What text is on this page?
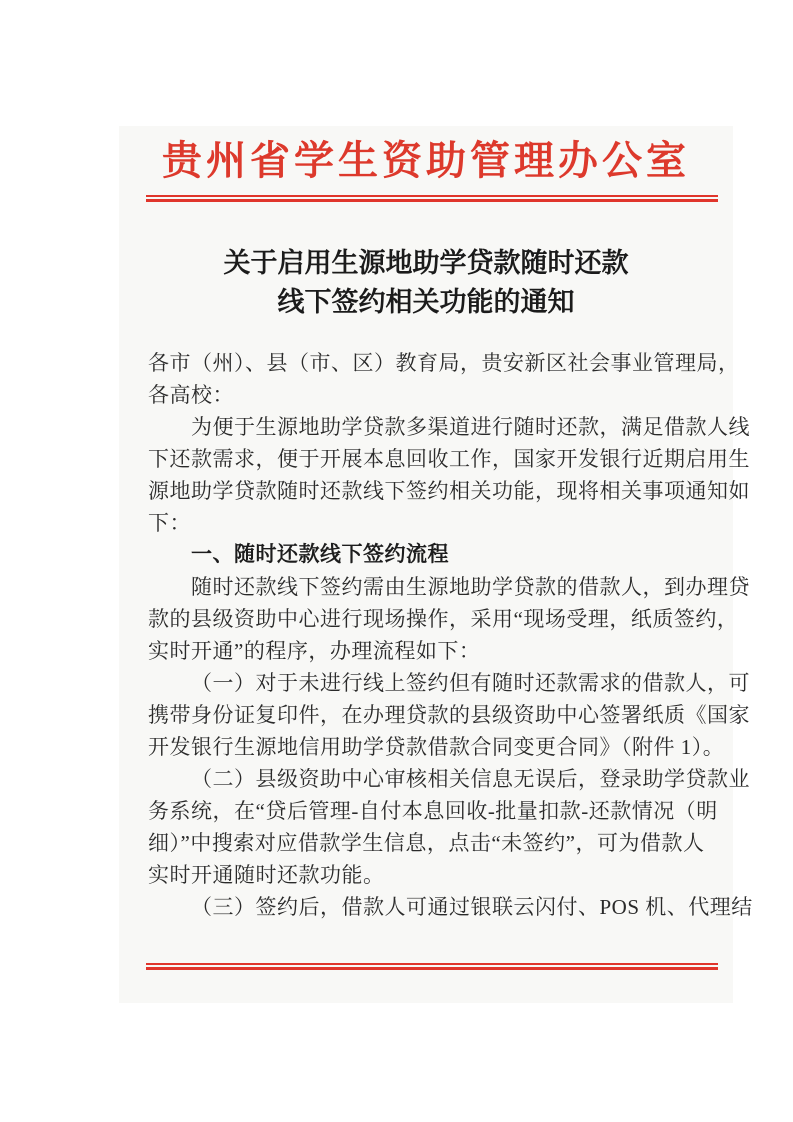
贵州省学生资助管理办公室
关于启用生源地助学贷款随时还款
线下签约相关功能的通知
各市（州）、县（市、区）教育局，贵安新区社会事业管理局，
各高校：
为便于生源地助学贷款多渠道进行随时还款，满足借款人线
下还款需求，便于开展本息回收工作，国家开发银行近期启用生
源地助学贷款随时还款线下签约相关功能，现将相关事项通知如
下：
一、随时还款线下签约流程
随时还款线下签约需由生源地助学贷款的借款人，到办理贷
款的县级资助中心进行现场操作，采用“现场受理，纸质签约，
实时开通”的程序，办理流程如下：
（一）对于未进行线上签约但有随时还款需求的借款人，可
携带身份证复印件，在办理贷款的县级资助中心签署纸质《国家
开发银行生源地信用助学贷款借款合同变更合同》（附件 1）。
（二）县级资助中心审核相关信息无误后，登录助学贷款业
务系统，在“贷后管理-自付本息回收-批量扣款-还款情况（明
细）”中搜索对应借款学生信息，点击“未签约”，可为借款人
实时开通随时还款功能。
（三）签约后，借款人可通过银联云闪付、POS 机、代理结
